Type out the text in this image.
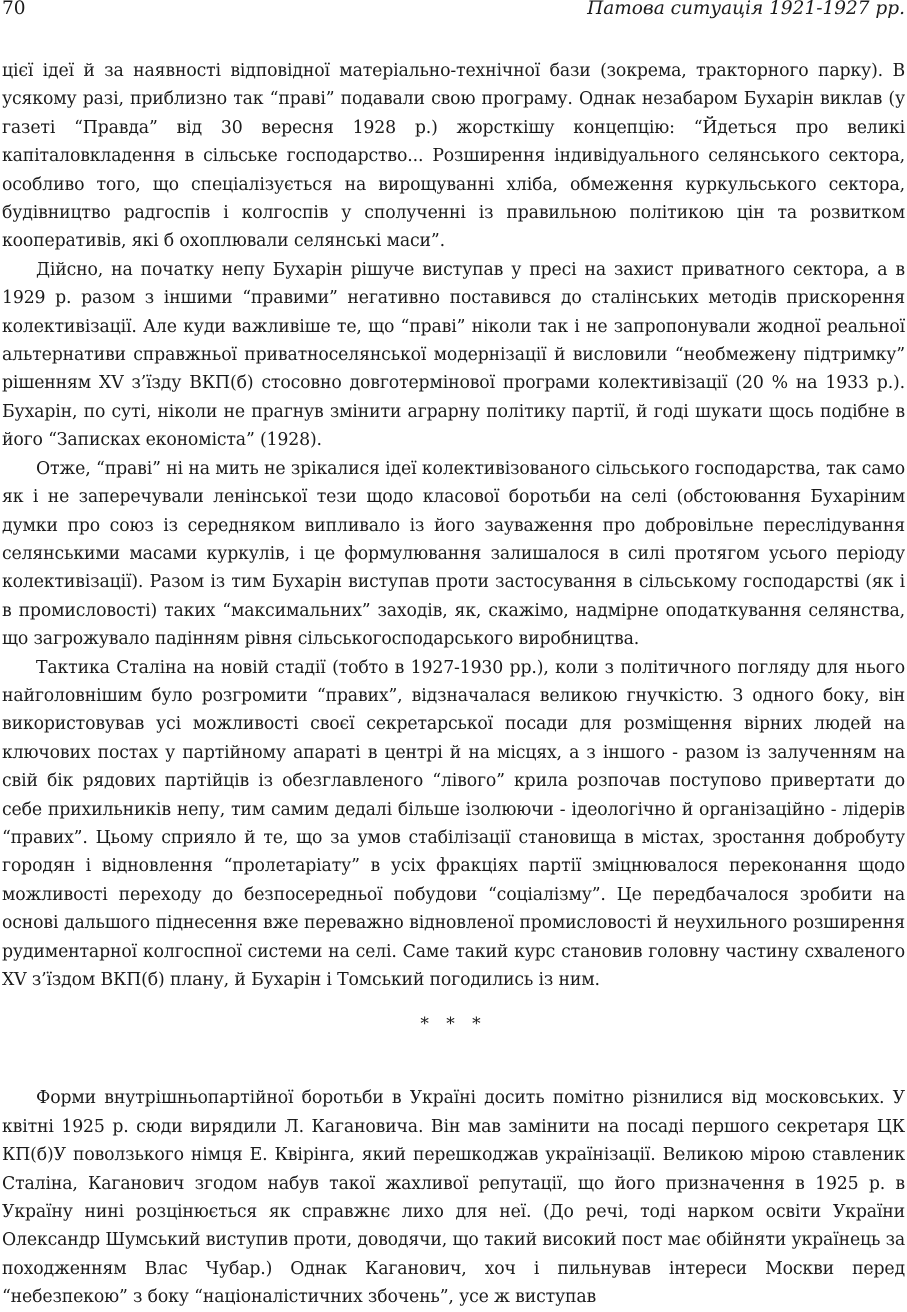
70	Патова ситуація 1921-1927 рр.

цієї ідеї й за наявності відповідної матеріально-технічної бази (зокрема, тракторного парку). В усякому разі, приблизно так “праві” подавали свою програму. Однак незабаром Бухарін виклав (у газеті “Правда” від 30 вересня 1928 р.) жорсткішу концепцію: “Йдеться про великі капіталовкладення в сільське господарство... Розширення індивідуального селянського сектора, особливо того, що спеціалізується на вирощуванні хліба, обмеження куркульського сектора, будівництво радгоспів і колгоспів у сполученні із правильною політикою цін та розвитком кооперативів, які б охоплювали селянські маси”.

Дійсно, на початку непу Бухарін рішуче виступав у пресі на захист приватного сектора, а в 1929 р. разом з іншими “правими” негативно поставився до сталінських методів прискорення колективізації. Але куди важливіше те, що “праві” ніколи так і не запропонували жодної реальної альтернативи справжньої приватноселянської модернізації й висловили “необмежену підтримку” рішенням XV з’їзду ВКП(б) стосовно довготермінової програми колективізації (20 % на 1933 р.). Бухарін, по суті, ніколи не прагнув змінити аграрну політику партії, й годі шукати щось подібне в його “Записках економіста” (1928).

Отже, “праві” ні на мить не зрікалися ідеї колективізованого сільського господарства, так само як і не заперечували ленінської тези щодо класової боротьби на селі (обстоювання Бухаріним думки про союз із середняком випливало із його зауваження про добровільне переслідування селянськими масами куркулів, і це формулювання залишалося в силі протягом усього періоду колективізації). Разом із тим Бухарін виступав проти застосування в сільському господарстві (як і в промисловості) таких “максимальних” заходів, як, скажімо, надмірне оподаткування селянства, що загрожувало падінням рівня сільськогосподарського виробництва.

Тактика Сталіна на новій стадії (тобто в 1927-1930 рр.), коли з політичного погляду для нього найголовнішим було розгромити “правих”, відзначалася великою гнучкістю. З одного боку, він використовував усі можливості своєї секретарської посади для розміщення вірних людей на ключових постах у партійному апараті в центрі й на місцях, а з іншого - разом із залученням на свій бік рядових партійців із обезглавленого “лівого” крила розпочав поступово привертати до себе прихильників непу, тим самим дедалі більше ізолюючи - ідеологічно й організаційно - лідерів “правих”. Цьому сприяло й те, що за умов стабілізації становища в містах, зростання добробуту городян і відновлення “пролетаріату” в усіх фракціях партії зміцнювалося переконання щодо можливості переходу до безпосередньої побудови “соціалізму”. Це передбачалося зробити на основі дальшого піднесення вже переважно відновленої промисловості й неухильного розширення рудиментарної колгоспної системи на селі. Саме такий курс становив головну частину схваленого XV з’їздом ВКП(б) плану, й Бухарін і Томський погодились із ним.

* * *

Форми внутрішньопартійної боротьби в Україні досить помітно різнилися від московських. У квітні 1925 р. сюди вирядили Л. Кагановича. Він мав замінити на посаді першого секретаря ЦК КП(б)У поволзького німця Е. Квірінга, який перешкоджав українізації. Великою мірою ставленик Сталіна, Каганович згодом набув такої жахливої репутації, що його призначення в 1925 р. в Україну нині розцінюється як справжнє лихо для неї. (До речі, тоді нарком освіти України Олександр Шумський виступив проти, доводячи, що такий високий пост має обійняти українець за походженням Влас Чубар.) Однак Каганович, хоч і пильнував інтереси Москви перед “небезпекою” з боку “націоналістичних збочень”, усе ж виступав
